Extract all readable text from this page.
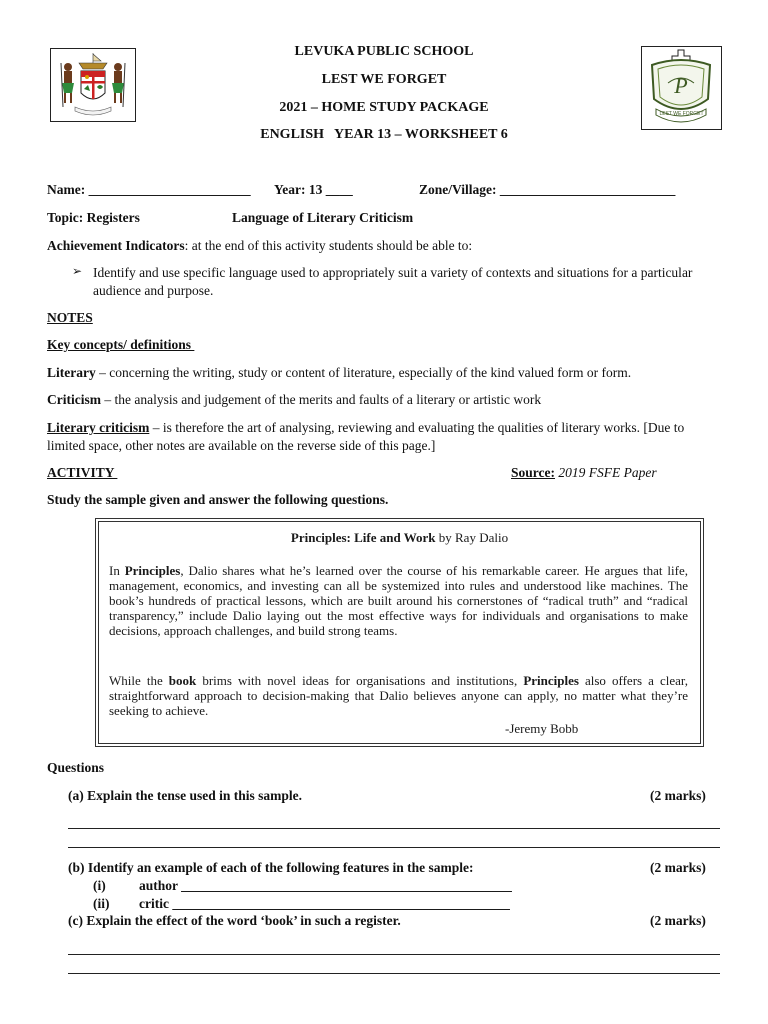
P
LEST WE FORGET
LEVUKA PUBLIC SCHOOL
LEST WE FORGET
2021 – HOME STUDY PACKAGE
ENGLISH   YEAR 13 – WORKSHEET 6
Name: ________________________ Year: 13 ____	Zone/Village: __________________________
Topic: Registers	Language of Literary Criticism
Achievement Indicators: at the end of this activity students should be able to:
➢ Identify and use specific language used to appropriately suit a variety of contexts and situations for a particular audience and purpose.
NOTES
Key concepts/ definitions
Literary – concerning the writing, study or content of literature, especially of the kind valued form or form.
Criticism – the analysis and judgement of the merits and faults of a literary or artistic work
Literary criticism – is therefore the art of analysing, reviewing and evaluating the qualities of literary works. [Due to limited space, other notes are available on the reverse side of this page.]
ACTIVITY	Source: 2019 FSFE Paper
Study the sample given and answer the following questions.
Principles: Life and Work by Ray Dalio

In Principles, Dalio shares what he’s learned over the course of his remarkable career. He argues that life, management, economics, and investing can all be systemized into rules and understood like machines. The book’s hundreds of practical lessons, which are built around his cornerstones of “radical truth” and “radical transparency,” include Dalio laying out the most effective ways for individuals and organisations to make decisions, approach challenges, and build strong teams.

While the book brims with novel ideas for organisations and institutions, Principles also offers a clear, straightforward approach to decision-making that Dalio believes anyone can apply, no matter what they’re seeking to achieve.

-Jeremy Bobb
Questions
(a) Explain the tense used in this sample.	(2 marks)
(b) Identify an example of each of the following features in the sample:	(2 marks)
(i) author _________________________________________________
(ii) critic __________________________________________________
(c) Explain the effect of the word ‘book’ in such a register.	(2 marks)
